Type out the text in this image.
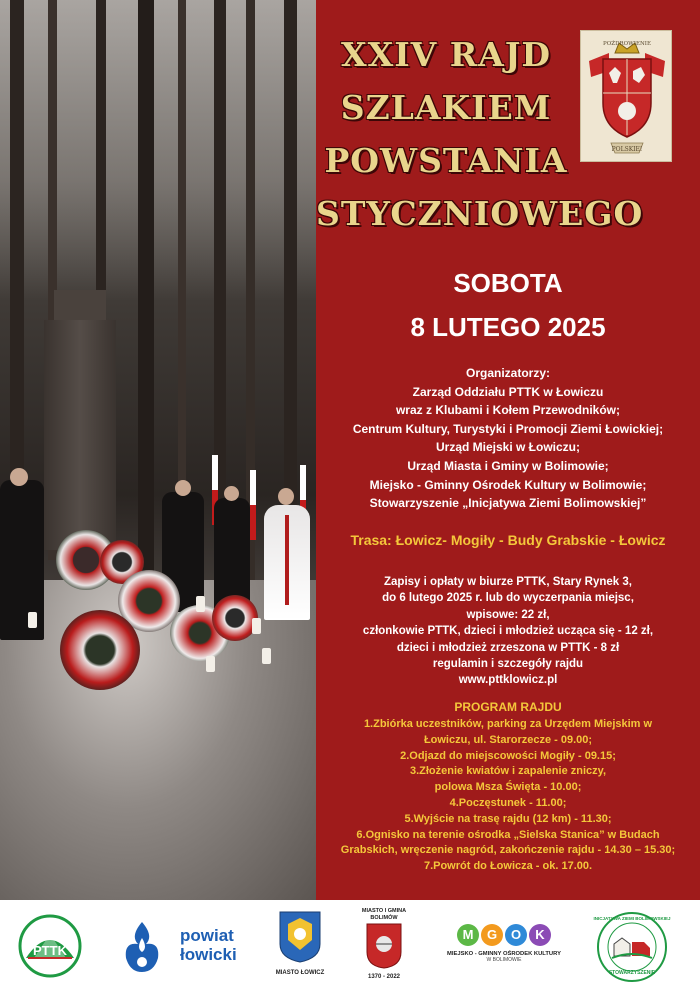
XXIV RAJD
SZLAKIEM
POWSTANIA
STYCZNIOWEGO
POŻDROWIENIE
POLSKIE!
SOBOTA
8 LUTEGO 2025
Organizatorzy:
Zarząd Oddziału PTTK w Łowiczu
wraz z Klubami i Kołem Przewodników;
Centrum Kultury, Turystyki i Promocji Ziemi Łowickiej;
Urząd Miejski w Łowiczu;
Urząd Miasta i Gminy w Bolimowie;
Miejsko - Gminny Ośrodek Kultury w Bolimowie;
Stowarzyszenie „Inicjatywa Ziemi Bolimowskiej”
Trasa: Łowicz- Mogiły - Budy Grabskie - Łowicz
Zapisy i opłaty w biurze PTTK, Stary Rynek 3,
do 6 lutego 2025 r. lub do wyczerpania miejsc,
wpisowe: 22 zł,
członkowie PTTK, dzieci i młodzież ucząca się - 12 zł,
dzieci i młodzież zrzeszona w PTTK - 8 zł
regulamin i szczegóły rajdu
www.pttklowicz.pl
PROGRAM RAJDU
1.Zbiórka uczestników, parking za Urzędem Miejskim w
Łowiczu, ul. Starorzecze - 09.00;
2.Odjazd do miejscowości Mogiły - 09.15;
3.Złożenie kwiatów i zapalenie zniczy,
polowa Msza Święta - 10.00;
4.Poczęstunek - 11.00;
5.Wyjście na trasę rajdu (12 km) - 11.30;
6.Ognisko na terenie ośrodka „Sielska Stanica” w Budach
Grabskich, wręczenie nagród, zakończenie rajdu - 14.30 – 15.30;
7.Powrót do Łowicza - ok. 17.00.
PTTK
powiat
łowicki
MIASTO ŁOWICZ
MIASTO I GMINA
BOLIMÓW
1370 - 2022
M	G	O	K
MIEJSKO - GMINNY OŚRODEK KULTURY
W BOLIMOWIE
INICJATYWA ZIEMI BOLIMOWSKIEJ
STOWARZYSZENIE
